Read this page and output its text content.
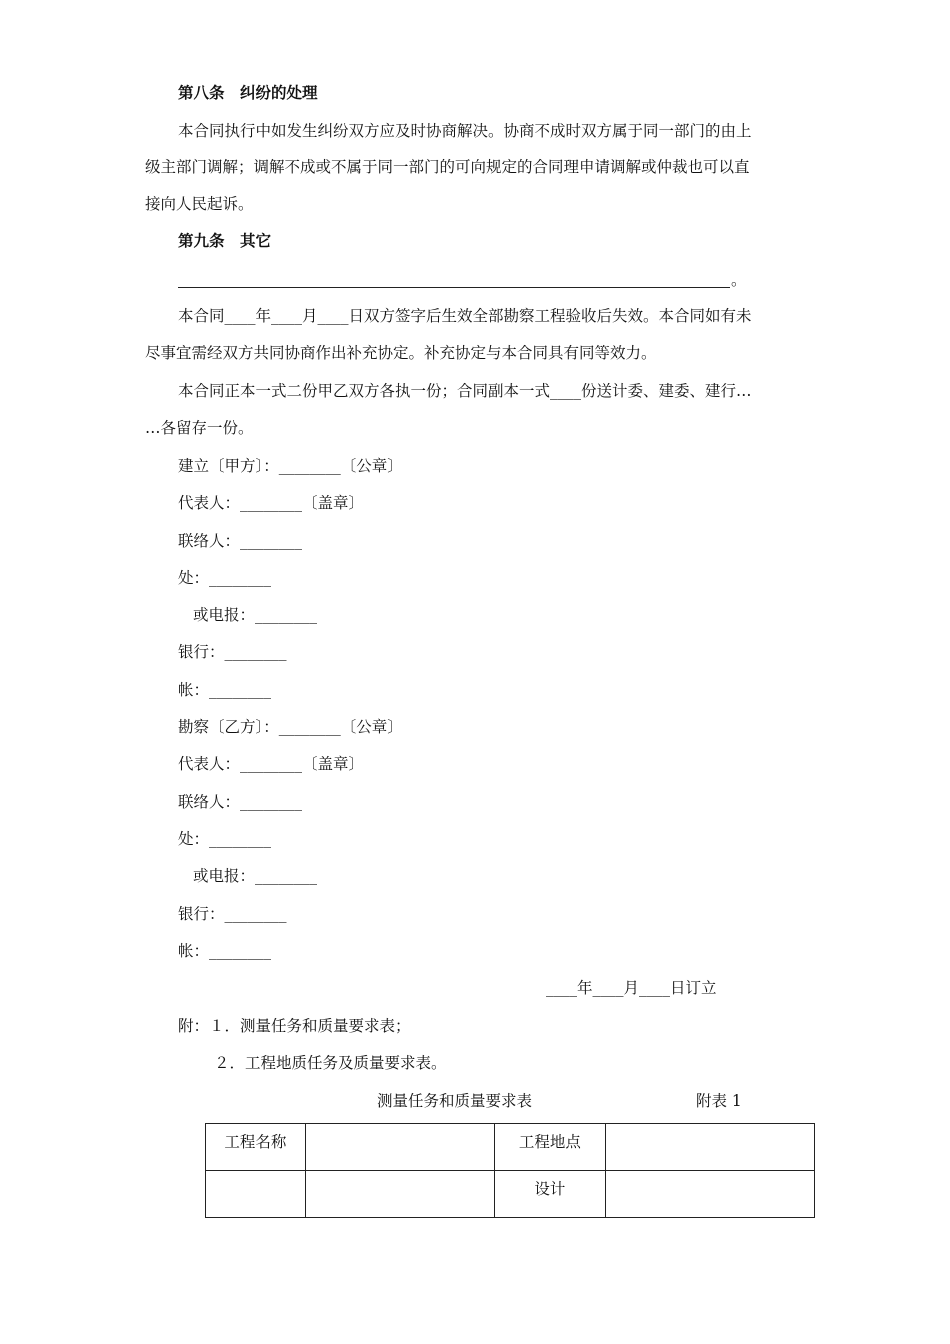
第八条　纠纷的处理
本合同执行中如发生纠纷双方应及时协商解决。协商不成时双方属于同一部门的由上
级主部门调解；调解不成或不属于同一部门的可向规定的合同理申请调解或仲裁也可以直
接向人民起诉。
第九条　其它
。
本合同____年____月____日双方签字后生效全部勘察工程验收后失效。本合同如有未
尽事宜需经双方共同协商作出补充协定。补充协定与本合同具有同等效力。
本合同正本一式二份甲乙双方各执一份；合同副本一式____份送计委、建委、建行…
…各留存一份。
建立〔甲方〕：________〔公章〕
代表人：________〔盖章〕
联络人：________
处：________
或电报：________
银行：________
帐：________
勘察〔乙方〕：________〔公章〕
代表人：________〔盖章〕
联络人：________
处：________
或电报：________
银行：________
帐：________
____年____月____日订立
附：１．测量任务和质量要求表；
２．工程地质任务及质量要求表。
测量任务和质量要求表	附表 1
工程名称		工程地点	
		设计	
